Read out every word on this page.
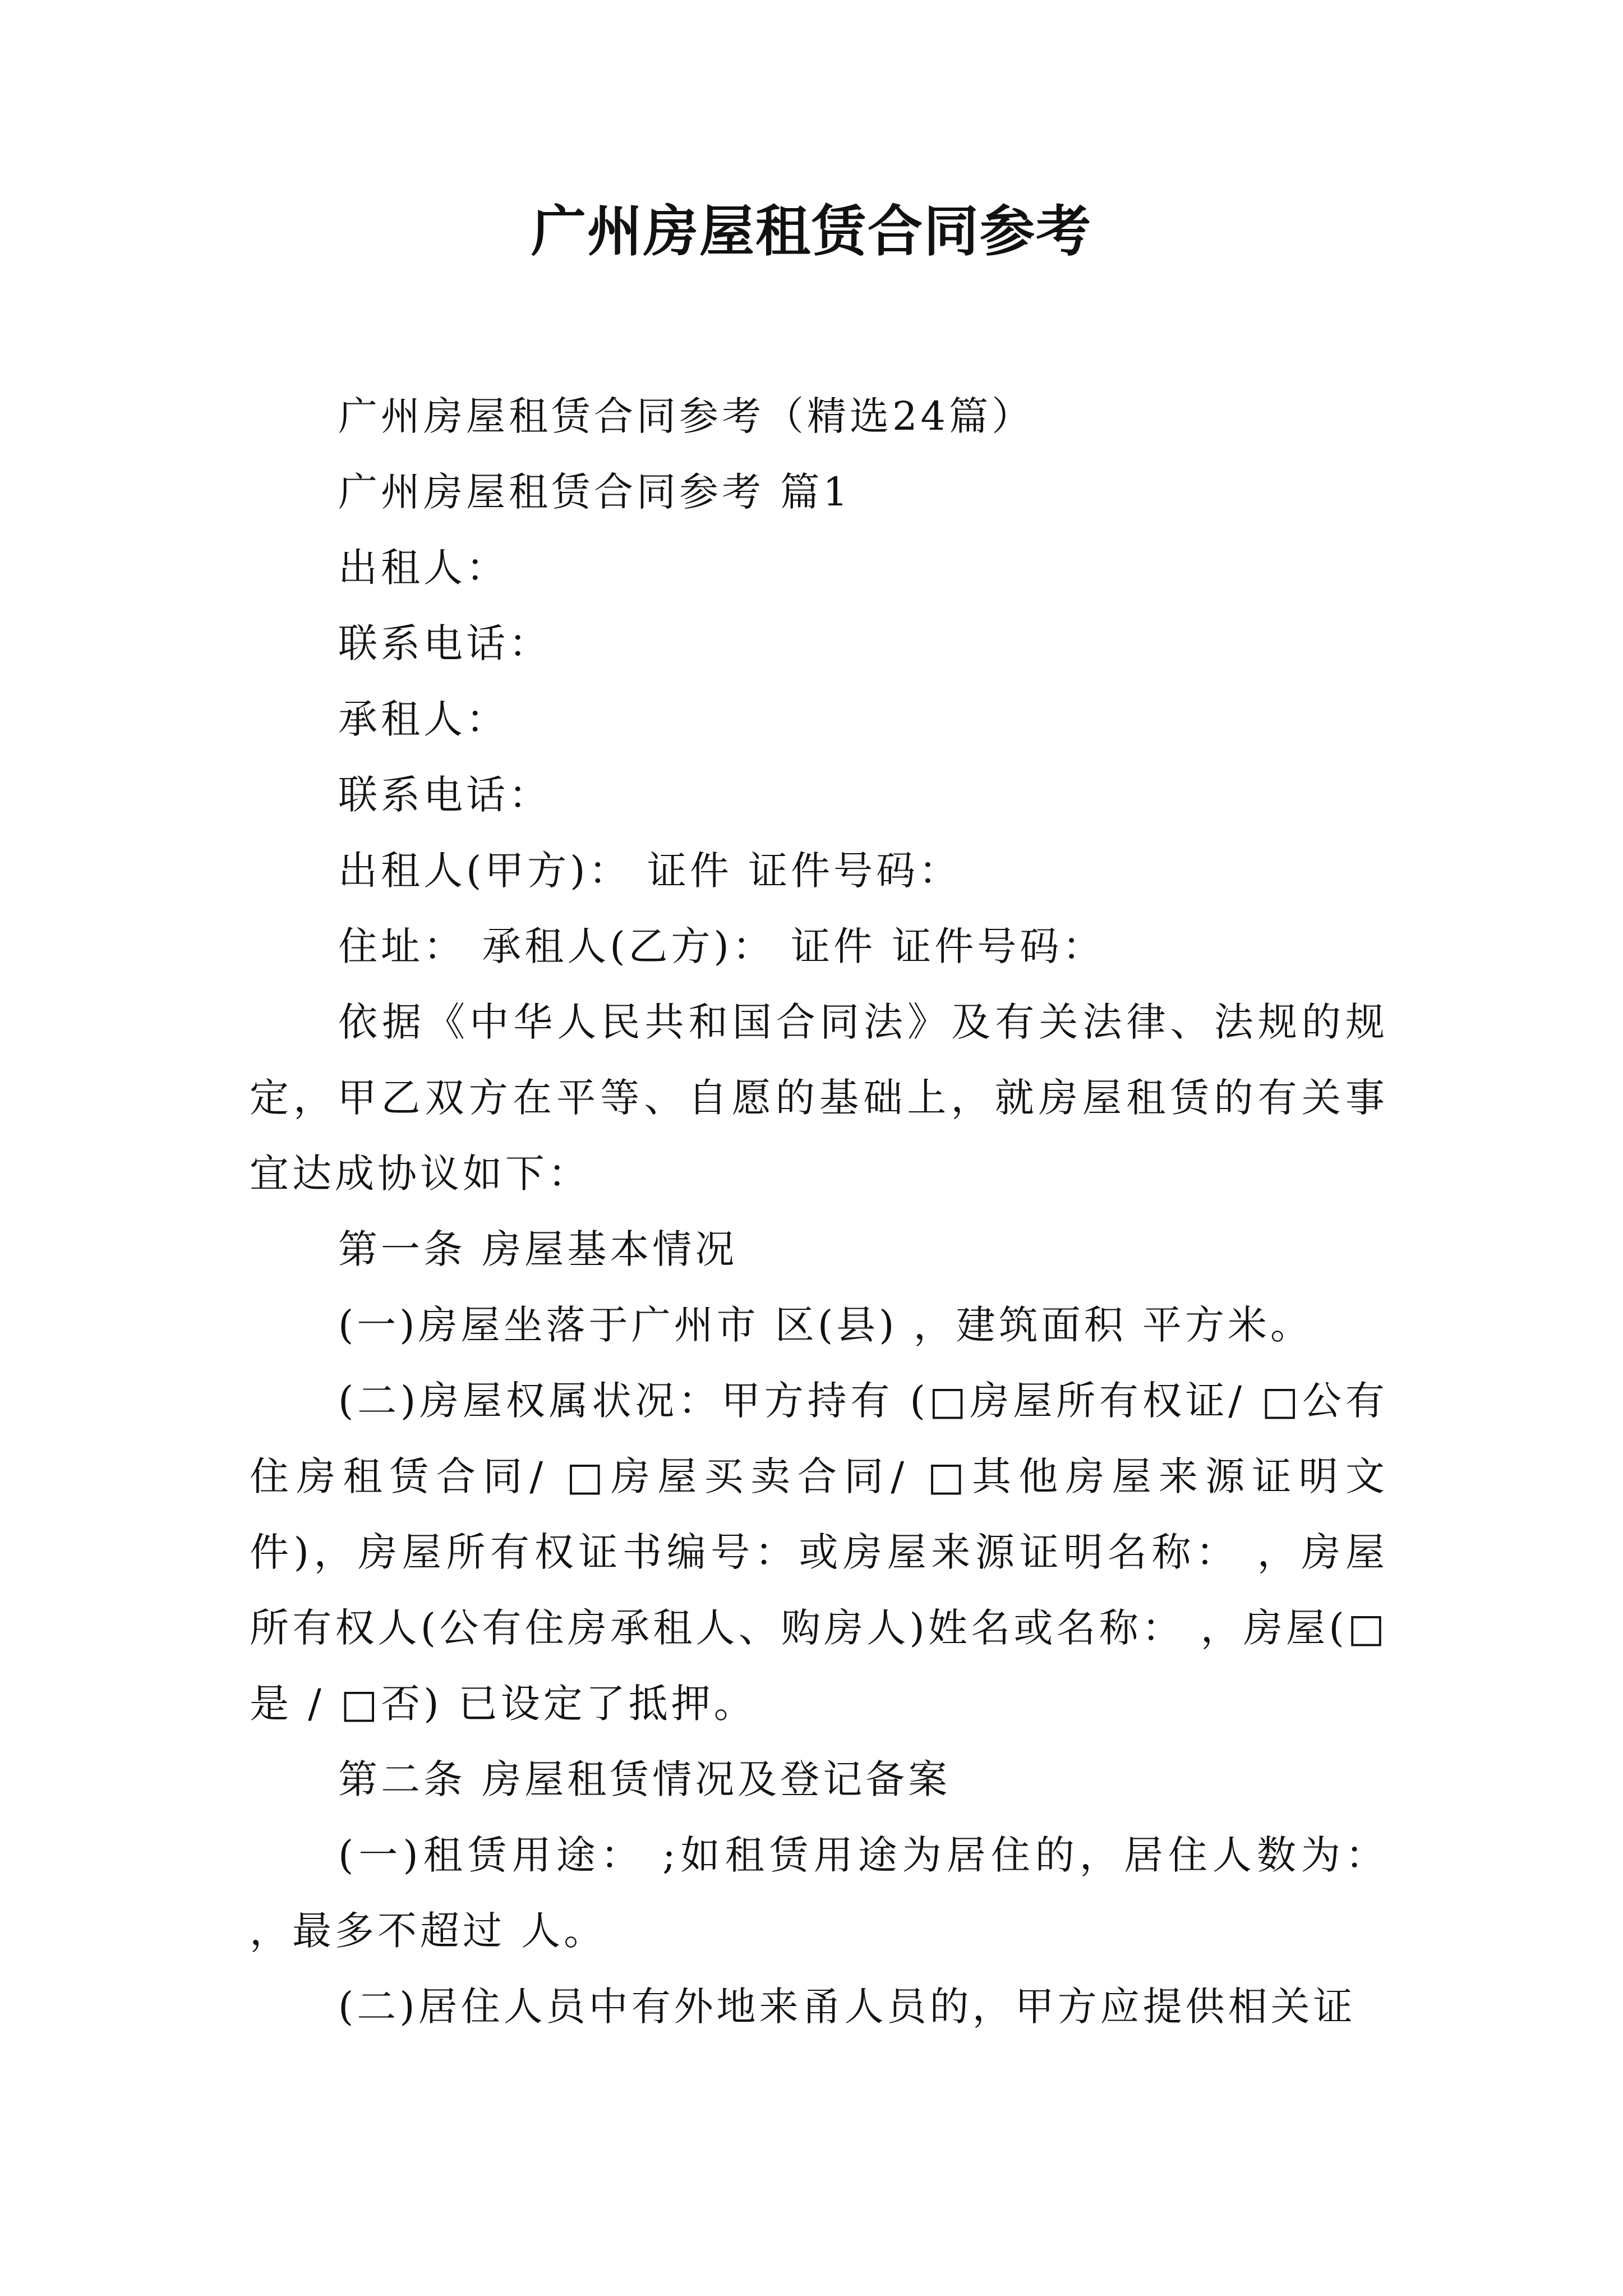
广州房屋租赁合同参考

广州房屋租赁合同参考（精选24篇）

广州房屋租赁合同参考 篇1

出租人：

联系电话：

承租人：

联系电话：

出租人(甲方)： 证件 证件号码：

住址： 承租人(乙方)： 证件 证件号码：

依据《中华人民共和国合同法》及有关法律、法规的规定，甲乙双方在平等、自愿的基础上，就房屋租赁的有关事宜达成协议如下：

第一条 房屋基本情况

(一)房屋坐落于广州市 区(县) ，建筑面积 平方米。

(二)房屋权属状况：甲方持有 (□房屋所有权证/ □公有住房租赁合同/ □房屋买卖合同/ □其他房屋来源证明文件)，房屋所有权证书编号：或房屋来源证明名称： ，房屋所有权人(公有住房承租人、购房人)姓名或名称： ，房屋(□是 / □否) 已设定了抵押。

第二条 房屋租赁情况及登记备案

(一)租赁用途： ;如租赁用途为居住的，居住人数为： ，最多不超过 人。

(二)居住人员中有外地来甬人员的，甲方应提供相关证
